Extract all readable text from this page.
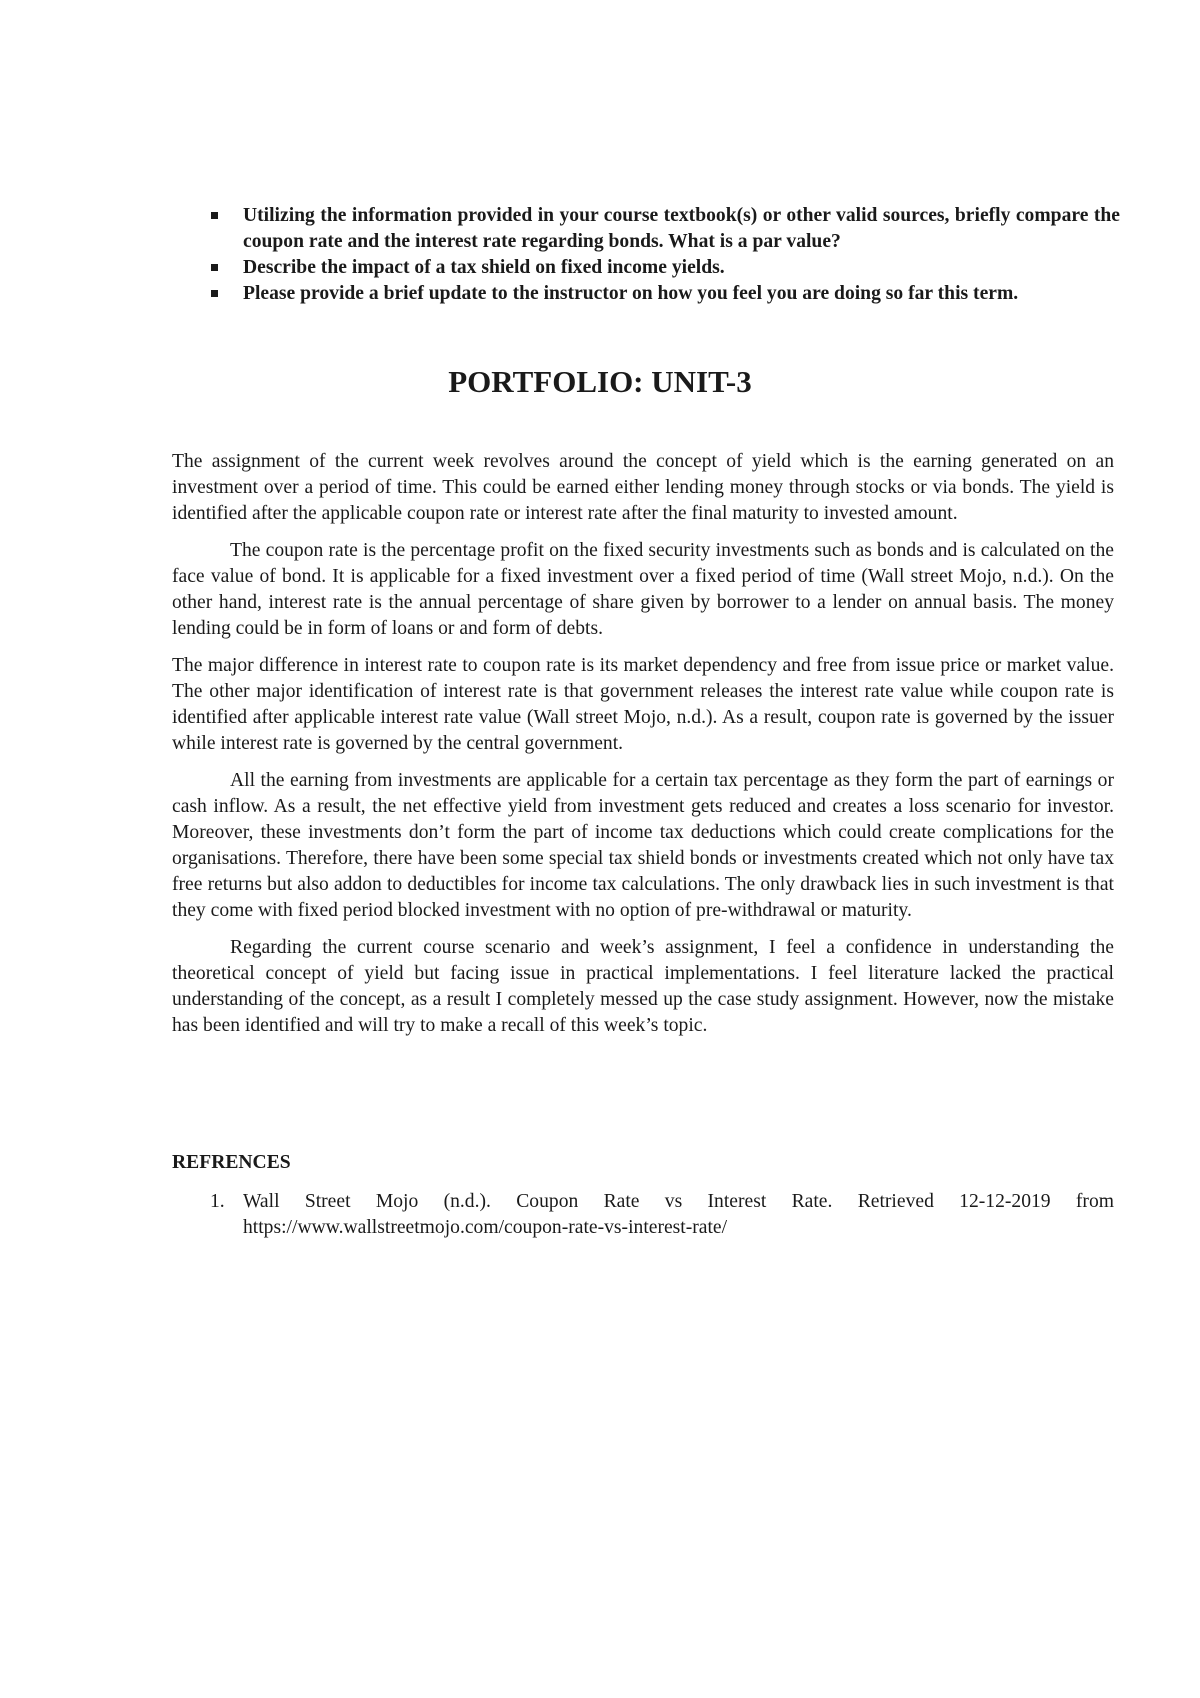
Utilizing the information provided in your course textbook(s) or other valid sources, briefly compare the coupon rate and the interest rate regarding bonds. What is a par value?
Describe the impact of a tax shield on fixed income yields.
Please provide a brief update to the instructor on how you feel you are doing so far this term.
PORTFOLIO: UNIT-3

The assignment of the current week revolves around the concept of yield which is the earning generated on an investment over a period of time. This could be earned either lending money through stocks or via bonds. The yield is identified after the applicable coupon rate or interest rate after the final maturity to invested amount.

The coupon rate is the percentage profit on the fixed security investments such as bonds and is calculated on the face value of bond. It is applicable for a fixed investment over a fixed period of time (Wall street Mojo, n.d.). On the other hand, interest rate is the annual percentage of share given by borrower to a lender on annual basis. The money lending could be in form of loans or and form of debts.

The major difference in interest rate to coupon rate is its market dependency and free from issue price or market value. The other major identification of interest rate is that government releases the interest rate value while coupon rate is identified after applicable interest rate value (Wall street Mojo, n.d.). As a result, coupon rate is governed by the issuer while interest rate is governed by the central government.

All the earning from investments are applicable for a certain tax percentage as they form the part of earnings or cash inflow. As a result, the net effective yield from investment gets reduced and creates a loss scenario for investor. Moreover, these investments don’t form the part of income tax deductions which could create complications for the organisations. Therefore, there have been some special tax shield bonds or investments created which not only have tax free returns but also addon to deductibles for income tax calculations. The only drawback lies in such investment is that they come with fixed period blocked investment with no option of pre-withdrawal or maturity.

Regarding the current course scenario and week’s assignment, I feel a confidence in understanding the theoretical concept of yield but facing issue in practical implementations. I feel literature lacked the practical understanding of the concept, as a result I completely messed up the case study assignment. However, now the mistake has been identified and will try to make a recall of this week’s topic.

REFRENCES
1. Wall Street Mojo (n.d.). Coupon Rate vs Interest Rate. Retrieved 12-12-2019 from https://www.wallstreetmojo.com/coupon-rate-vs-interest-rate/
